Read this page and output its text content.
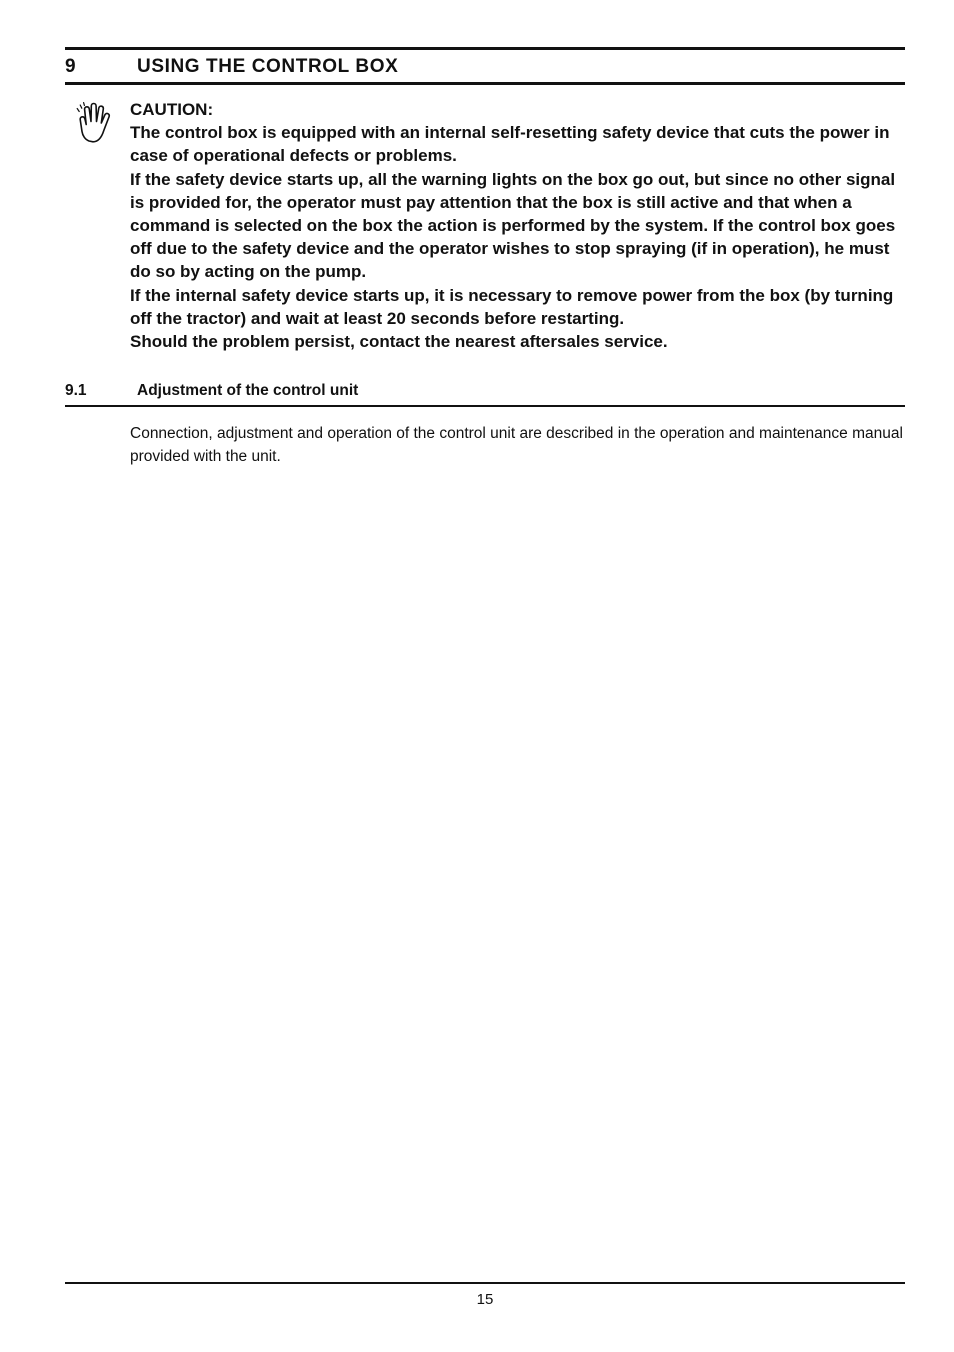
9	USING THE CONTROL BOX

CAUTION:

The control box is equipped with an internal self-resetting safety device that cuts the power in case of operational defects or problems.

If the safety device starts up, all the warning lights on the box go out, but since no other signal is provided for, the operator must pay attention that the box is still active and that when a command is selected on the box the action is performed by the system. If the control box goes off due to the safety device and the operator wishes to stop spraying (if in operation), he must do so by acting on the pump.

If the internal safety device starts up, it is necessary to remove power from the box (by turning off the tractor) and wait at least 20 seconds before restarting.

Should the problem persist, contact the nearest aftersales service.

9.1	Adjustment of the control unit

Connection, adjustment and operation of the control unit are described in the operation and maintenance manual provided with the unit.

15
